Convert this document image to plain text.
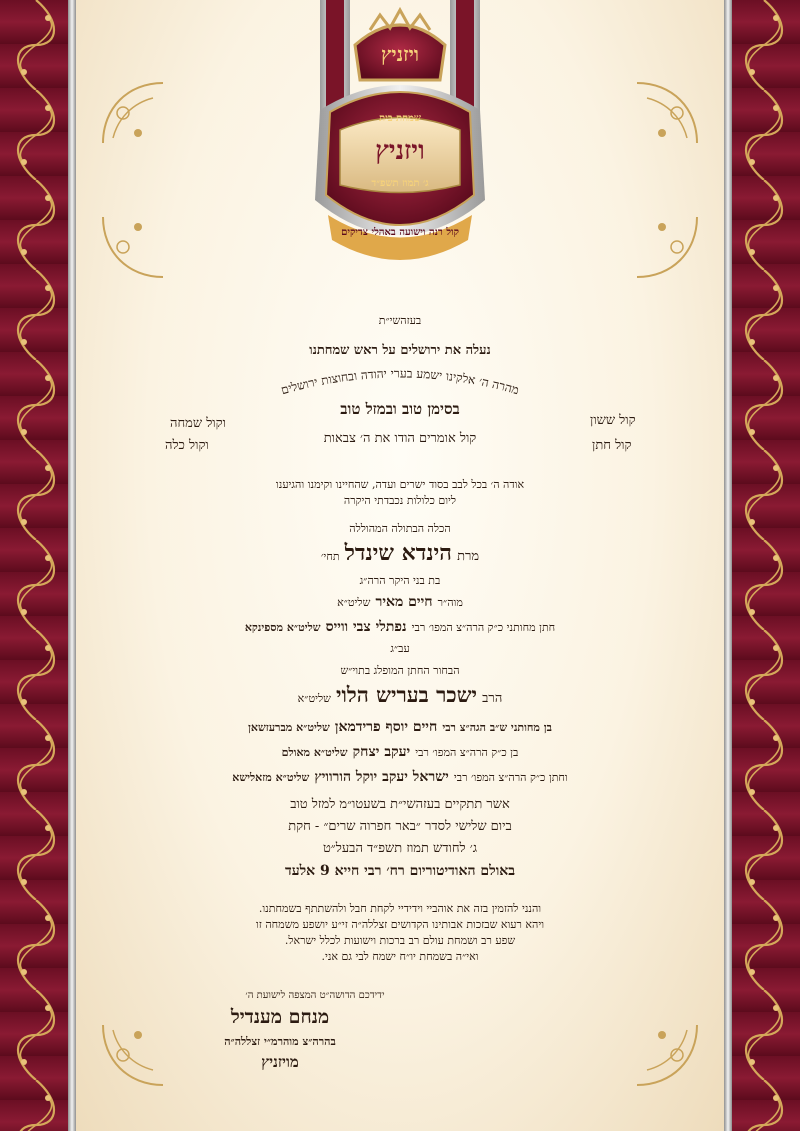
ויזניץ
שמחת בית
ויזניץ
ג׳ תמוז תשפ״ד
קול רנה וישועה באהלי צדיקים
בעזהשי״ת
נעלה את ירושלים על ראש שמחתנו
מהרה ה׳ אלקינו ישמע בערי יהודה ובחוצות ירושלים
בסימן טוב ובמזל טוב
קול ששון
וקול שמחה
קול חתן
וקול כלה	קול אומרים הודו את ה׳ צבאות
אודה ה׳ בכל לבב בסוד ישרים ועדה, שהחיינו וקימנו והגיענו
ליום כלולות נכבדתי היקרה
הכלה הבתולה המהוללה
מרת הינדא שינדל תחי׳
בת בני היקר הרה״ג
מוה״ר חיים מאיר שליט״א
חתן מחותני כ״ק הרה״צ המפו׳ רבי נפתלי צבי ווייס שליט״א מספינקא
עב״ג
הבחור החתן המופלג בתוי״ש
הרב ישכר בעריש הלוי שליט״א
בן מחותני ש״ב הגה״צ רבי חיים יוסף פרידמאן שליט״א מברעזשאן
בן כ״ק הרה״צ המפו׳ רבי יעקב יצחק שליט״א מאולם
וחתן כ״ק הרה״צ המפו׳ רבי ישראל יעקב יוקל הורוויץ שליט״א מזאלישא
אשר תתקיים בעזהשי״ת בשעטו״מ למזל טוב
ביום שלישי לסדר ״באר חפרוה שרים״ - חקת
ג׳ לחודש תמוז תשפ״ד הבעל״ט
באולם האודיטוריום רח׳ רבי חייא 9 אלעד
והנני להזמין בזה את אוהביי וידידיי לקחת חבל ולהשתתף בשמחתנו.
ויהא רעוא שבזכות אבותינו הקדושים זצללה״ה זי״ע יושפע משמחה זו
שפע רב ושמחת עולם רב ברכות וישועות לכלל ישראל.
ואי״ה בשמחת יו״ח ישמח לבי גם אני.
ידידכם הדושה״ט המצפה לישועת ה׳
מנחם מענדיל
בהרה״צ מוהרמ״י זצללה״ה
מויזניץ
